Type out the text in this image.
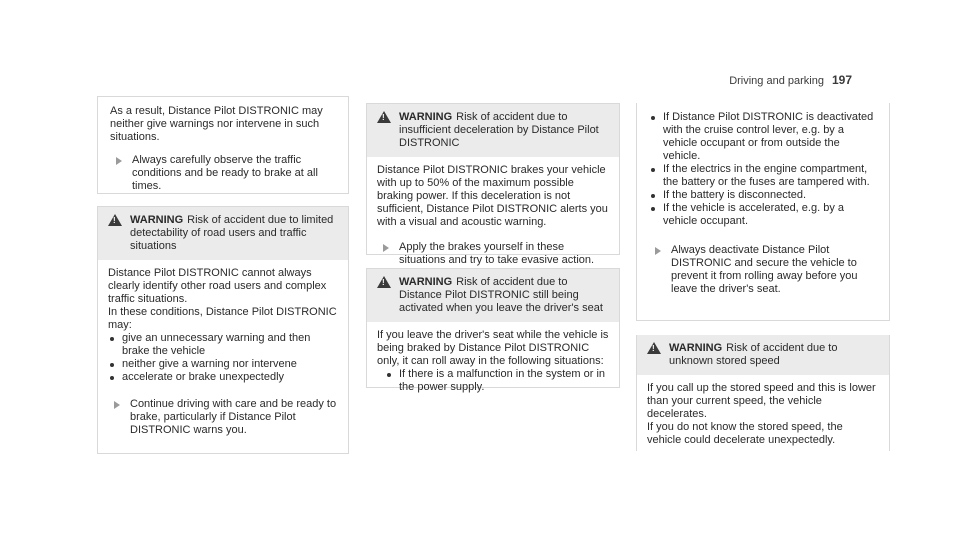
Driving and parking 197

As a result, Distance Pilot DISTRONIC may neither give warnings nor intervene in such situations.

Always carefully observe the traffic conditions and be ready to brake at all times.
!
WARNING Risk of accident due to limited detectability of road users and traffic situations

Distance Pilot DISTRONIC cannot always clearly identify other road users and complex traffic situations.

In these conditions, Distance Pilot DISTRONIC may:

give an unnecessary warning and then brake the vehicle
neither give a warning nor intervene
accelerate or brake unexpectedly
Continue driving with care and be ready to brake, particularly if Distance Pilot DISTRONIC warns you.
!
WARNING Risk of accident due to insufficient deceleration by Distance Pilot DISTRONIC

Distance Pilot DISTRONIC brakes your vehicle with up to 50% of the maximum possible braking power. If this deceleration is not sufficient, Distance Pilot DISTRONIC alerts you with a visual and acoustic warning.

Apply the brakes yourself in these situations and try to take evasive action.
!
WARNING Risk of accident due to Distance Pilot DISTRONIC still being activated when you leave the driver's seat

If you leave the driver's seat while the vehicle is being braked by Distance Pilot DISTRONIC only, it can roll away in the following situations:

If there is a malfunction in the system or in the power supply.
If Distance Pilot DISTRONIC is deactivated with the cruise control lever, e.g. by a vehicle occupant or from outside the vehicle.
If the electrics in the engine compartment, the battery or the fuses are tampered with.
If the battery is disconnected.
If the vehicle is accelerated, e.g. by a vehicle occupant.
Always deactivate Distance Pilot DISTRONIC and secure the vehicle to prevent it from rolling away before you leave the driver's seat.
!
WARNING Risk of accident due to unknown stored speed

If you call up the stored speed and this is lower than your current speed, the vehicle decelerates.

If you do not know the stored speed, the vehicle could decelerate unexpectedly.
